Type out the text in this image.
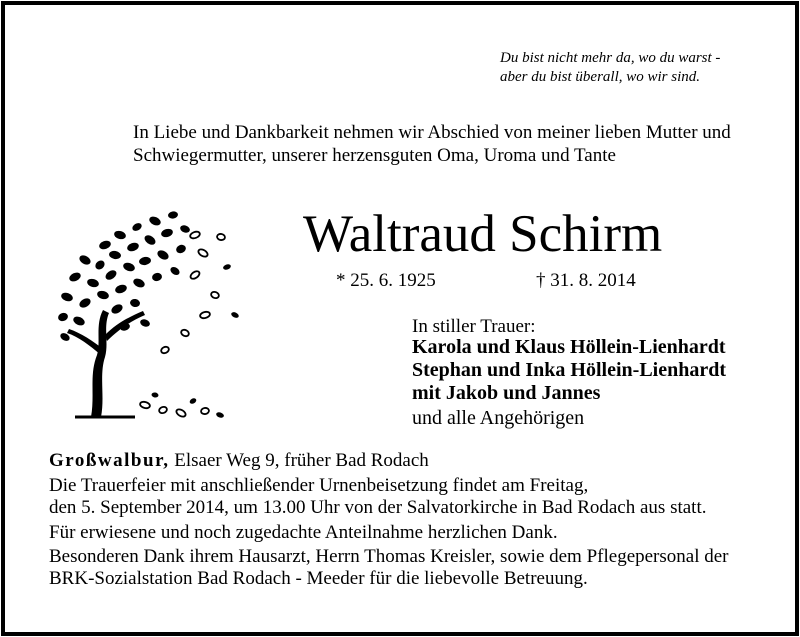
Du bist nicht mehr da, wo du warst -
aber du bist überall, wo wir sind.
In Liebe und Dankbarkeit nehmen wir Abschied von meiner lieben Mutter und
Schwiegermutter, unserer herzensguten Oma, Uroma und Tante
Waltraud Schirm
* 25. 6. 1925	† 31. 8. 2014
In stiller Trauer:
Karola und Klaus Höllein-Lienhardt
Stephan und Inka Höllein-Lienhardt
mit Jakob und Jannes
und alle Angehörigen
Großwalbur, Elsaer Weg 9, früher Bad Rodach
Die Trauerfeier mit anschließender Urnenbeisetzung findet am Freitag,
den 5. September 2014, um 13.00 Uhr von der Salvatorkirche in Bad Rodach aus statt.
Für erwiesene und noch zugedachte Anteilnahme herzlichen Dank.
Besonderen Dank ihrem Hausarzt, Herrn Thomas Kreisler, sowie dem Pflegepersonal der
BRK-Sozialstation Bad Rodach - Meeder für die liebevolle Betreuung.
